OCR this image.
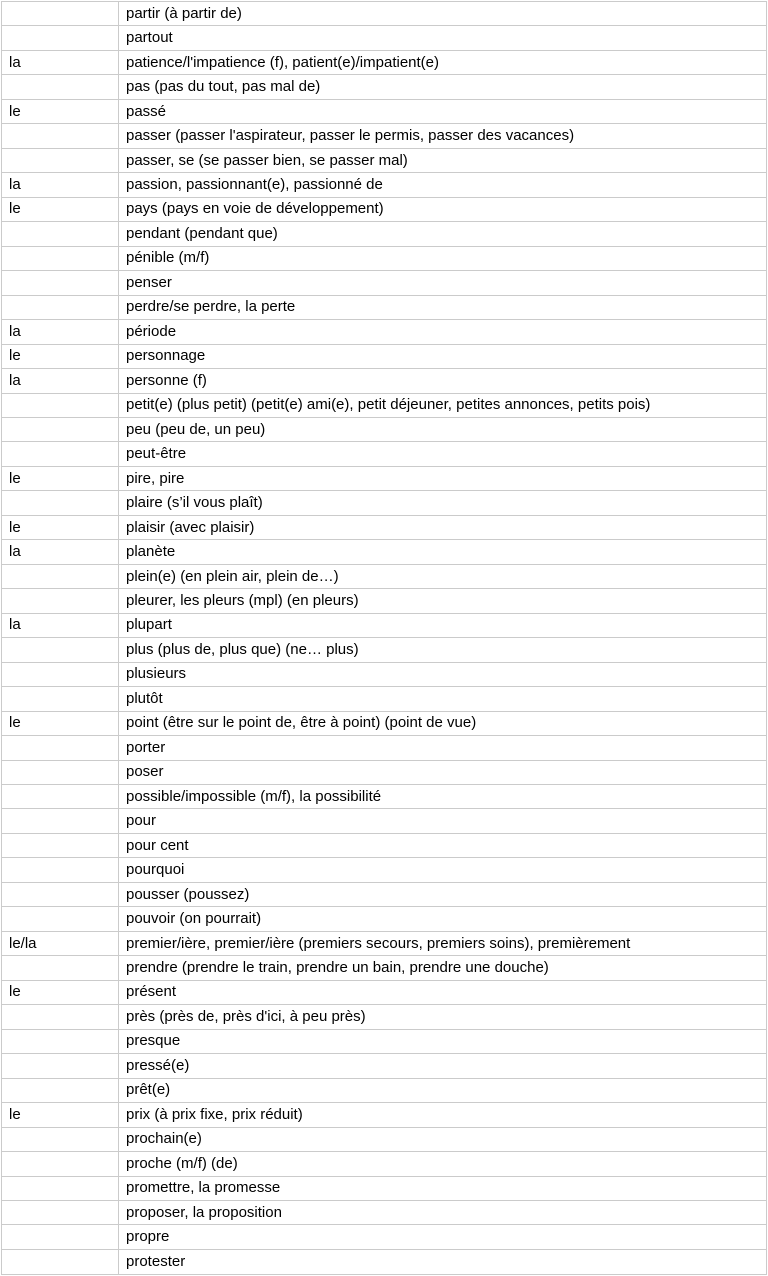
	partir (à partir de)
	partout
la	patience/l'impatience (f), patient(e)/impatient(e)
	pas (pas du tout, pas mal de)
le	passé
	passer (passer l'aspirateur, passer le permis, passer des vacances)
	passer, se (se passer bien, se passer mal)
la	passion, passionnant(e), passionné de
le	pays (pays en voie de développement)
	pendant (pendant que)
	pénible (m/f)
	penser
	perdre/se perdre, la perte
la	période
le	personnage
la	personne (f)
	petit(e) (plus petit) (petit(e) ami(e), petit déjeuner, petites annonces, petits pois)
	peu (peu de, un peu)
	peut-être
le	pire, pire
	plaire (s’il vous plaît)
le	plaisir (avec plaisir)
la	planète
	plein(e) (en plein air, plein de…)
	pleurer, les pleurs (mpl) (en pleurs)
la	plupart
	plus (plus de, plus que) (ne… plus)
	plusieurs
	plutôt
le	point (être sur le point de, être à point) (point de vue)
	porter
	poser
	possible/impossible (m/f), la possibilité
	pour
	pour cent
	pourquoi
	pousser (poussez)
	pouvoir (on pourrait)
le/la	premier/ière, premier/ière (premiers secours, premiers soins), premièrement
	prendre (prendre le train, prendre un bain, prendre une douche)
le	présent
	près (près de, près d'ici, à peu près)
	presque
	pressé(e)
	prêt(e)
le	prix (à prix fixe, prix réduit)
	prochain(e)
	proche (m/f) (de)
	promettre, la promesse
	proposer, la proposition
	propre
	protester
